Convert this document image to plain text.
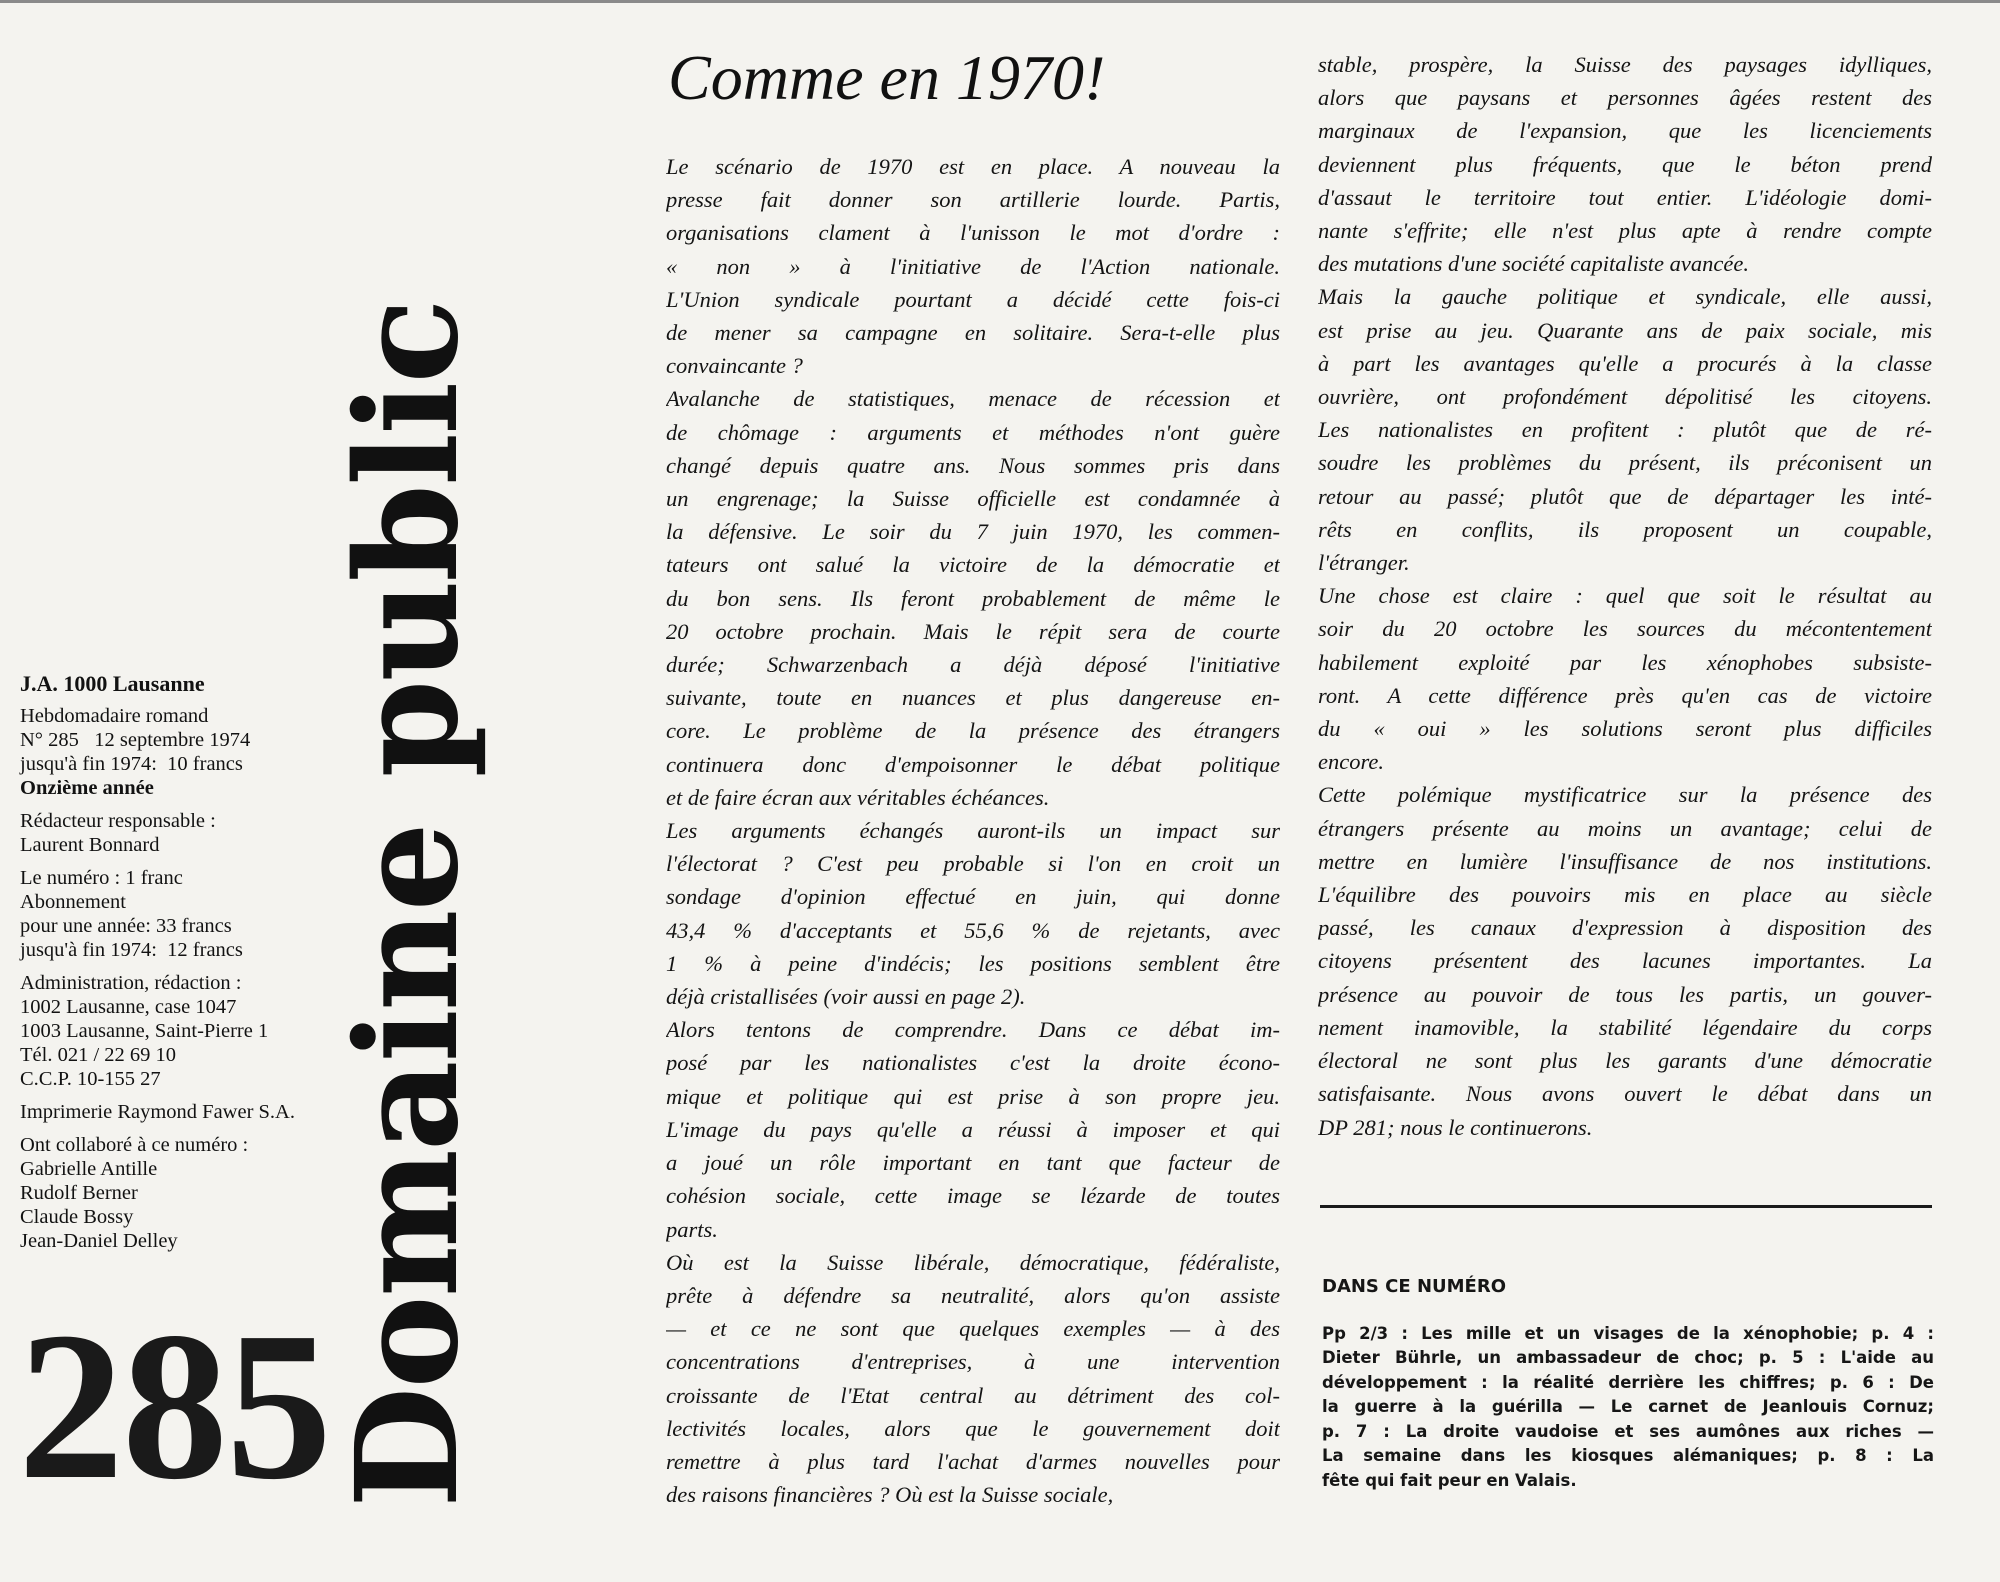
J.A. 1000 Lausanne
Hebdomadaire romand
N° 285   12 septembre 1974
jusqu'à fin 1974:  10 francs
Onzième année
Rédacteur responsable :
Laurent Bonnard
Le numéro : 1 franc
Abonnement
pour une année: 33 francs
jusqu'à fin 1974:  12 francs
Administration, rédaction :
1002 Lausanne, case 1047
1003 Lausanne, Saint-Pierre 1
Tél. 021 / 22 69 10
C.C.P. 10-155 27
Imprimerie Raymond Fawer S.A.
Ont collaboré à ce numéro :
Gabrielle Antille
Rudolf Berner
Claude Bossy
Jean-Daniel Delley
285
Domaine public
Comme en 1970!
Le scénario de 1970 est en place. A nouveau la
presse fait donner son artillerie lourde. Partis,
organisations clament à l'unisson le mot d'ordre :
« non » à l'initiative de l'Action nationale.
L'Union syndicale pourtant a décidé cette fois-ci
de mener sa campagne en solitaire. Sera-t-elle plus
convaincante ?
Avalanche de statistiques, menace de récession et
de chômage : arguments et méthodes n'ont guère
changé depuis quatre ans. Nous sommes pris dans
un engrenage; la Suisse officielle est condamnée à
la défensive. Le soir du 7 juin 1970, les commen-
tateurs ont salué la victoire de la démocratie et
du bon sens. Ils feront probablement de même le
20 octobre prochain. Mais le répit sera de courte
durée; Schwarzenbach a déjà déposé l'initiative
suivante, toute en nuances et plus dangereuse en-
core. Le problème de la présence des étrangers
continuera donc d'empoisonner le débat politique
et de faire écran aux véritables échéances.
Les arguments échangés auront-ils un impact sur
l'électorat ? C'est peu probable si l'on en croit un
sondage d'opinion effectué en juin, qui donne
43,4 % d'acceptants et 55,6 % de rejetants, avec
1 % à peine d'indécis; les positions semblent être
déjà cristallisées (voir aussi en page 2).
Alors tentons de comprendre. Dans ce débat im-
posé par les nationalistes c'est la droite écono-
mique et politique qui est prise à son propre jeu.
L'image du pays qu'elle a réussi à imposer et qui
a joué un rôle important en tant que facteur de
cohésion sociale, cette image se lézarde de toutes
parts.
Où est la Suisse libérale, démocratique, fédéraliste,
prête à défendre sa neutralité, alors qu'on assiste
— et ce ne sont que quelques exemples — à des
concentrations d'entreprises, à une intervention
croissante de l'Etat central au détriment des col-
lectivités locales, alors que le gouvernement doit
remettre à plus tard l'achat d'armes nouvelles pour
des raisons financières ? Où est la Suisse sociale,
stable, prospère, la Suisse des paysages idylliques,
alors que paysans et personnes âgées restent des
marginaux de l'expansion, que les licenciements
deviennent plus fréquents, que le béton prend
d'assaut le territoire tout entier. L'idéologie domi-
nante s'effrite; elle n'est plus apte à rendre compte
des mutations d'une société capitaliste avancée.
Mais la gauche politique et syndicale, elle aussi,
est prise au jeu. Quarante ans de paix sociale, mis
à part les avantages qu'elle a procurés à la classe
ouvrière, ont profondément dépolitisé les citoyens.
Les nationalistes en profitent : plutôt que de ré-
soudre les problèmes du présent, ils préconisent un
retour au passé; plutôt que de départager les inté-
rêts en conflits, ils proposent un coupable,
l'étranger.
Une chose est claire : quel que soit le résultat au
soir du 20 octobre les sources du mécontentement
habilement exploité par les xénophobes subsiste-
ront. A cette différence près qu'en cas de victoire
du « oui » les solutions seront plus difficiles
encore.
Cette polémique mystificatrice sur la présence des
étrangers présente au moins un avantage; celui de
mettre en lumière l'insuffisance de nos institutions.
L'équilibre des pouvoirs mis en place au siècle
passé, les canaux d'expression à disposition des
citoyens présentent des lacunes importantes. La
présence au pouvoir de tous les partis, un gouver-
nement inamovible, la stabilité légendaire du corps
électoral ne sont plus les garants d'une démocratie
satisfaisante. Nous avons ouvert le débat dans un
DP 281; nous le continuerons.
DANS CE NUMÉRO
Pp 2/3 : Les mille et un visages de la xénophobie; p. 4 :
Dieter Bührle, un ambassadeur de choc; p. 5 : L'aide au
développement : la réalité derrière les chiffres; p. 6 : De
la guerre à la guérilla — Le carnet de Jeanlouis Cornuz;
p. 7 : La droite vaudoise et ses aumônes aux riches —
La semaine dans les kiosques alémaniques; p. 8 : La
fête qui fait peur en Valais.
